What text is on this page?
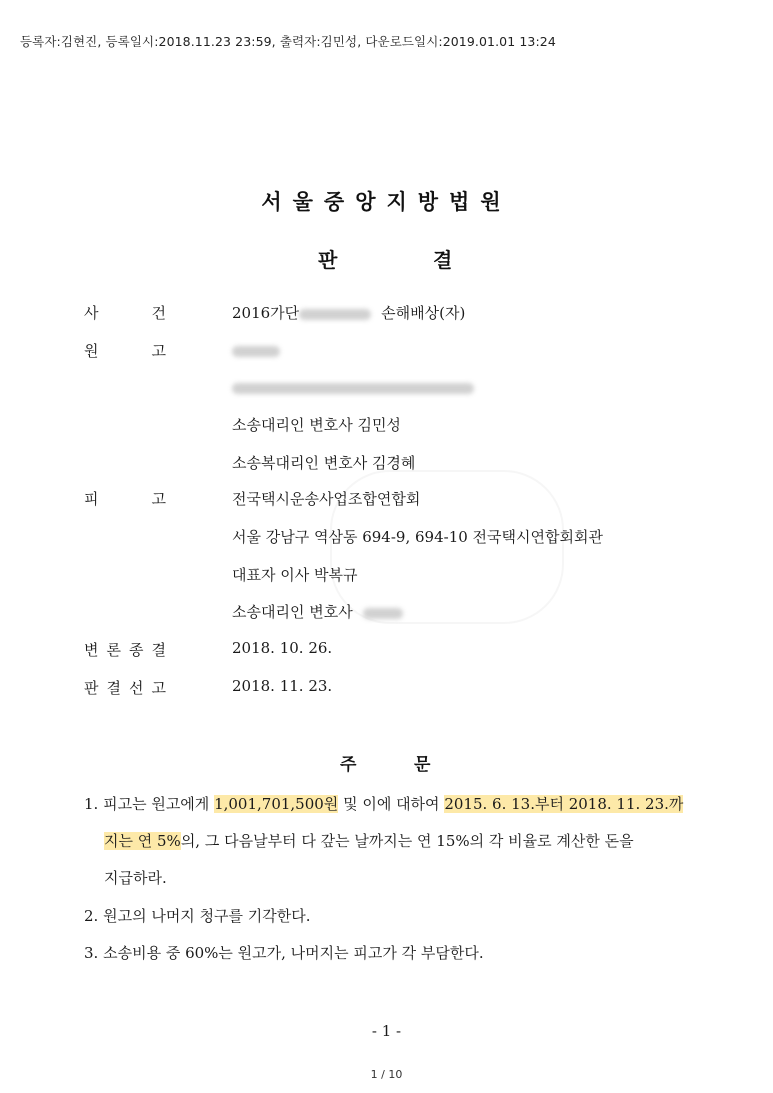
등록자:김현진, 등록일시:2018.11.23 23:59, 출력자:김민성, 다운로드일시:2019.01.01 13:24
서울중앙지방법원
판	결
사	건	2016가단	손해배상(자)
원	고
소송대리인 변호사 김민성
소송복대리인 변호사 김경혜
피	고	전국택시운송사업조합연합회
서울 강남구 역삼동 694-9, 694-10 전국택시연합회회관
대표자 이사 박복규
소송대리인 변호사
변 론 종 결	2018. 10. 26.
판 결 선 고	2018. 11. 23.
주	문
1. 피고는 원고에게 1,001,701,500원 및 이에 대하여 2015. 6. 13.부터 2018. 11. 23.까
지는 연 5%의, 그 다음날부터 다 갚는 날까지는 연 15%의 각 비율로 계산한 돈을
지급하라.
2. 원고의 나머지 청구를 기각한다.
3. 소송비용 중 60%는 원고가, 나머지는 피고가 각 부담한다.
- 1 -
1 / 10
